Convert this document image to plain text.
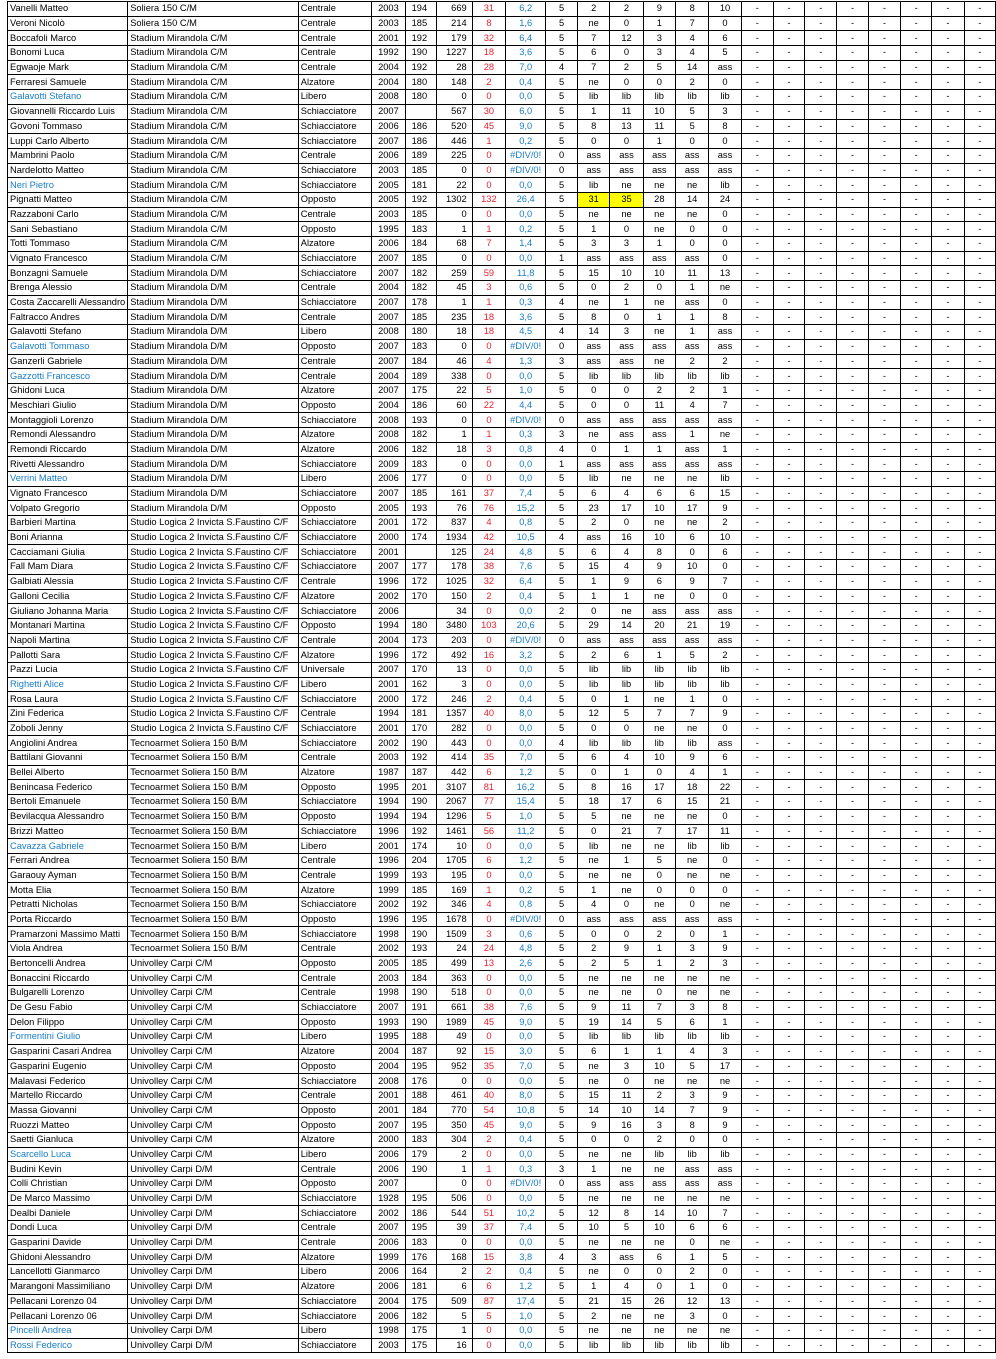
Vanelli Matteo	Soliera 150 C/M	Centrale	2003	194	669	31	6,2	5	2	2	9	8	10	-	-	-	-	-	-	-	-
Veroni Nicolò	Soliera 150 C/M	Centrale	2003	185	214	8	1,6	5	ne	0	1	7	0	-	-	-	-	-	-	-	-
Boccafoli Marco	Stadium Mirandola C/M	Centrale	2001	192	179	32	6,4	5	7	12	3	4	6	-	-	-	-	-	-	-	-
Bonomi Luca	Stadium Mirandola C/M	Centrale	1992	190	1227	18	3,6	5	6	0	3	4	5	-	-	-	-	-	-	-	-
Egwaoje Mark	Stadium Mirandola C/M	Centrale	2004	192	28	28	7,0	4	7	2	5	14	ass	-	-	-	-	-	-	-	-
Ferraresi Samuele	Stadium Mirandola C/M	Alzatore	2004	180	148	2	0,4	5	ne	0	0	2	0	-	-	-	-	-	-	-	-
Galavotti Stefano	Stadium Mirandola C/M	Libero	2008	180	0	0	0,0	5	lib	lib	lib	lib	lib	-	-	-	-	-	-	-	-
Giovannelli Riccardo Luis	Stadium Mirandola C/M	Schiacciatore	2007		567	30	6,0	5	1	11	10	5	3	-	-	-	-	-	-	-	-
Govoni Tommaso	Stadium Mirandola C/M	Schiacciatore	2006	186	520	45	9,0	5	8	13	11	5	8	-	-	-	-	-	-	-	-
Luppi Carlo Alberto	Stadium Mirandola C/M	Schiacciatore	2007	186	446	1	0,2	5	0	0	1	0	0	-	-	-	-	-	-	-	-
Mambrini Paolo	Stadium Mirandola C/M	Centrale	2006	189	225	0	#DIV/0!	0	ass	ass	ass	ass	ass	-	-	-	-	-	-	-	-
Nardelotto Matteo	Stadium Mirandola C/M	Schiacciatore	2003	185	0	0	#DIV/0!	0	ass	ass	ass	ass	ass	-	-	-	-	-	-	-	-
Neri Pietro	Stadium Mirandola C/M	Schiacciatore	2005	181	22	0	0,0	5	lib	ne	ne	ne	lib	-	-	-	-	-	-	-	-
Pignatti Matteo	Stadium Mirandola C/M	Opposto	2005	192	1302	132	26,4	5	31	35	28	14	24	-	-	-	-	-	-	-	-
Razzaboni Carlo	Stadium Mirandola C/M	Centrale	2003	185	0	0	0,0	5	ne	ne	ne	ne	0	-	-	-	-	-	-	-	-
Sani Sebastiano	Stadium Mirandola C/M	Opposto	1995	183	1	1	0,2	5	1	0	ne	0	0	-	-	-	-	-	-	-	-
Totti Tommaso	Stadium Mirandola C/M	Alzatore	2006	184	68	7	1,4	5	3	3	1	0	0	-	-	-	-	-	-	-	-
Vignato Francesco	Stadium Mirandola C/M	Schiacciatore	2007	185	0	0	0,0	1	ass	ass	ass	ass	0	-	-	-	-	-	-	-	-
Bonzagni Samuele	Stadium Mirandola D/M	Schiacciatore	2007	182	259	59	11,8	5	15	10	10	11	13	-	-	-	-	-	-	-	-
Brenga Alessio	Stadium Mirandola D/M	Centrale	2004	182	45	3	0,6	5	0	2	0	1	ne	-	-	-	-	-	-	-	-
Costa Zaccarelli Alessandro	Stadium Mirandola D/M	Schiacciatore	2007	178	1	1	0,3	4	ne	1	ne	ass	0	-	-	-	-	-	-	-	-
Faltracco Andres	Stadium Mirandola D/M	Centrale	2007	185	235	18	3,6	5	8	0	1	1	8	-	-	-	-	-	-	-	-
Galavotti Stefano	Stadium Mirandola D/M	Libero	2008	180	18	18	4,5	4	14	3	ne	1	ass	-	-	-	-	-	-	-	-
Galavotti Tommaso	Stadium Mirandola D/M	Opposto	2007	183	0	0	#DIV/0!	0	ass	ass	ass	ass	ass	-	-	-	-	-	-	-	-
Ganzerli Gabriele	Stadium Mirandola D/M	Centrale	2007	184	46	4	1,3	3	ass	ass	ne	2	2	-	-	-	-	-	-	-	-
Gazzotti Francesco	Stadium Mirandola D/M	Centrale	2004	189	338	0	0,0	5	lib	lib	lib	lib	lib	-	-	-	-	-	-	-	-
Ghidoni Luca	Stadium Mirandola D/M	Alzatore	2007	175	22	5	1,0	5	0	0	2	2	1	-	-	-	-	-	-	-	-
Meschiari Giulio	Stadium Mirandola D/M	Opposto	2004	186	60	22	4,4	5	0	0	11	4	7	-	-	-	-	-	-	-	-
Montaggioli Lorenzo	Stadium Mirandola D/M	Schiacciatore	2008	193	0	0	#DIV/0!	0	ass	ass	ass	ass	ass	-	-	-	-	-	-	-	-
Remondi Alessandro	Stadium Mirandola D/M	Alzatore	2008	182	1	1	0,3	3	ne	ass	ass	1	ne	-	-	-	-	-	-	-	-
Remondi Riccardo	Stadium Mirandola D/M	Alzatore	2006	182	18	3	0,8	4	0	1	1	ass	1	-	-	-	-	-	-	-	-
Rivetti Alessandro	Stadium Mirandola D/M	Schiacciatore	2009	183	0	0	0,0	1	ass	ass	ass	ass	ass	-	-	-	-	-	-	-	-
Verrini Matteo	Stadium Mirandola D/M	Libero	2006	177	0	0	0,0	5	lib	ne	ne	ne	lib	-	-	-	-	-	-	-	-
Vignato Francesco	Stadium Mirandola D/M	Schiacciatore	2007	185	161	37	7,4	5	6	4	6	6	15	-	-	-	-	-	-	-	-
Volpato Gregorio	Stadium Mirandola D/M	Opposto	2005	193	76	76	15,2	5	23	17	10	17	9	-	-	-	-	-	-	-	-
Barbieri Martina	Studio Logica 2 Invicta S.Faustino C/F	Schiacciatore	2001	172	837	4	0,8	5	2	0	ne	ne	2	-	-	-	-	-	-	-	-
Boni Arianna	Studio Logica 2 Invicta S.Faustino C/F	Schiacciatore	2000	174	1934	42	10,5	4	ass	16	10	6	10	-	-	-	-	-	-	-	-
Cacciamani Giulia	Studio Logica 2 Invicta S.Faustino C/F	Schiacciatore	2001		125	24	4,8	5	6	4	8	0	6	-	-	-	-	-	-	-	-
Fall Mam Diara	Studio Logica 2 Invicta S.Faustino C/F	Schiacciatore	2007	177	178	38	7,6	5	15	4	9	10	0	-	-	-	-	-	-	-	-
Galbiati Alessia	Studio Logica 2 Invicta S.Faustino C/F	Centrale	1996	172	1025	32	6,4	5	1	9	6	9	7	-	-	-	-	-	-	-	-
Galloni Cecilia	Studio Logica 2 Invicta S.Faustino C/F	Alzatore	2002	170	150	2	0,4	5	1	1	ne	0	0	-	-	-	-	-	-	-	-
Giuliano Johanna Maria	Studio Logica 2 Invicta S.Faustino C/F	Schiacciatore	2006		34	0	0,0	2	0	ne	ass	ass	ass	-	-	-	-	-	-	-	-
Montanari Martina	Studio Logica 2 Invicta S.Faustino C/F	Opposto	1994	180	3480	103	20,6	5	29	14	20	21	19	-	-	-	-	-	-	-	-
Napoli Martina	Studio Logica 2 Invicta S.Faustino C/F	Centrale	2004	173	203	0	#DIV/0!	0	ass	ass	ass	ass	ass	-	-	-	-	-	-	-	-
Pallotti Sara	Studio Logica 2 Invicta S.Faustino C/F	Alzatore	1996	172	492	16	3,2	5	2	6	1	5	2	-	-	-	-	-	-	-	-
Pazzi Lucia	Studio Logica 2 Invicta S.Faustino C/F	Universale	2007	170	13	0	0,0	5	lib	lib	lib	lib	lib	-	-	-	-	-	-	-	-
Righetti Alice	Studio Logica 2 Invicta S.Faustino C/F	Libero	2001	162	3	0	0,0	5	lib	lib	lib	lib	lib	-	-	-	-	-	-	-	-
Rosa Laura	Studio Logica 2 Invicta S.Faustino C/F	Schiacciatore	2000	172	246	2	0,4	5	0	1	ne	1	0	-	-	-	-	-	-	-	-
Zini Federica	Studio Logica 2 Invicta S.Faustino C/F	Centrale	1994	181	1357	40	8,0	5	12	5	7	7	9	-	-	-	-	-	-	-	-
Zoboli Jenny	Studio Logica 2 Invicta S.Faustino C/F	Schiacciatore	2001	170	282	0	0,0	5	0	0	ne	ne	0	-	-	-	-	-	-	-	-
Angiolini Andrea	Tecnoarmet Soliera 150 B/M	Schiacciatore	2002	190	443	0	0,0	4	lib	lib	lib	lib	ass	-	-	-	-	-	-	-	-
Battilani Giovanni	Tecnoarmet Soliera 150 B/M	Centrale	2003	192	414	35	7,0	5	6	4	10	9	6	-	-	-	-	-	-	-	-
Bellei Alberto	Tecnoarmet Soliera 150 B/M	Alzatore	1987	187	442	6	1,2	5	0	1	0	4	1	-	-	-	-	-	-	-	-
Benincasa Federico	Tecnoarmet Soliera 150 B/M	Opposto	1995	201	3107	81	16,2	5	8	16	17	18	22	-	-	-	-	-	-	-	-
Bertoli Emanuele	Tecnoarmet Soliera 150 B/M	Schiacciatore	1994	190	2067	77	15,4	5	18	17	6	15	21	-	-	-	-	-	-	-	-
Bevilacqua Alessandro	Tecnoarmet Soliera 150 B/M	Opposto	1994	194	1296	5	1,0	5	5	ne	ne	ne	0	-	-	-	-	-	-	-	-
Brizzi Matteo	Tecnoarmet Soliera 150 B/M	Schiacciatore	1996	192	1461	56	11,2	5	0	21	7	17	11	-	-	-	-	-	-	-	-
Cavazza Gabriele	Tecnoarmet Soliera 150 B/M	Libero	2001	174	10	0	0,0	5	lib	ne	ne	lib	lib	-	-	-	-	-	-	-	-
Ferrari Andrea	Tecnoarmet Soliera 150 B/M	Centrale	1996	204	1705	6	1,2	5	ne	1	5	ne	0	-	-	-	-	-	-	-	-
Garaouy Ayman	Tecnoarmet Soliera 150 B/M	Centrale	1999	193	195	0	0,0	5	ne	ne	0	ne	ne	-	-	-	-	-	-	-	-
Motta Elia	Tecnoarmet Soliera 150 B/M	Alzatore	1999	185	169	1	0,2	5	1	ne	0	0	0	-	-	-	-	-	-	-	-
Petratti Nicholas	Tecnoarmet Soliera 150 B/M	Schiacciatore	2002	192	346	4	0,8	5	4	0	ne	0	ne	-	-	-	-	-	-	-	-
Porta Riccardo	Tecnoarmet Soliera 150 B/M	Opposto	1996	195	1678	0	#DIV/0!	0	ass	ass	ass	ass	ass	-	-	-	-	-	-	-	-
Pramarzoni Massimo Matti	Tecnoarmet Soliera 150 B/M	Schiacciatore	1998	190	1509	3	0,6	5	0	0	2	0	1	-	-	-	-	-	-	-	-
Viola Andrea	Tecnoarmet Soliera 150 B/M	Centrale	2002	193	24	24	4,8	5	2	9	1	3	9	-	-	-	-	-	-	-	-
Bertoncelli Andrea	Univolley Carpi C/M	Opposto	2005	185	499	13	2,6	5	2	5	1	2	3	-	-	-	-	-	-	-	-
Bonaccini Riccardo	Univolley Carpi C/M	Centrale	2003	184	363	0	0,0	5	ne	ne	ne	ne	ne	-	-	-	-	-	-	-	-
Bulgarelli Lorenzo	Univolley Carpi C/M	Centrale	1998	190	518	0	0,0	5	ne	ne	0	ne	ne	-	-	-	-	-	-	-	-
De Gesu Fabio	Univolley Carpi C/M	Schiacciatore	2007	191	661	38	7,6	5	9	11	7	3	8	-	-	-	-	-	-	-	-
Delon Filippo	Univolley Carpi C/M	Opposto	1993	190	1989	45	9,0	5	19	14	5	6	1	-	-	-	-	-	-	-	-
Formentini Giulio	Univolley Carpi C/M	Libero	1995	188	49	0	0,0	5	lib	lib	lib	lib	lib	-	-	-	-	-	-	-	-
Gasparini Casari Andrea	Univolley Carpi C/M	Alzatore	2004	187	92	15	3,0	5	6	1	1	4	3	-	-	-	-	-	-	-	-
Gasparini Eugenio	Univolley Carpi C/M	Opposto	2004	195	952	35	7,0	5	ne	3	10	5	17	-	-	-	-	-	-	-	-
Malavasi Federico	Univolley Carpi C/M	Schiacciatore	2008	176	0	0	0,0	5	ne	0	ne	ne	ne	-	-	-	-	-	-	-	-
Martello Riccardo	Univolley Carpi C/M	Centrale	2001	188	461	40	8,0	5	15	11	2	3	9	-	-	-	-	-	-	-	-
Massa Giovanni	Univolley Carpi C/M	Opposto	2001	184	770	54	10,8	5	14	10	14	7	9	-	-	-	-	-	-	-	-
Ruozzi Matteo	Univolley Carpi C/M	Opposto	2007	195	350	45	9,0	5	9	16	3	8	9	-	-	-	-	-	-	-	-
Saetti Gianluca	Univolley Carpi C/M	Alzatore	2000	183	304	2	0,4	5	0	0	2	0	0	-	-	-	-	-	-	-	-
Scarcello Luca	Univolley Carpi C/M	Libero	2006	179	2	0	0,0	5	ne	ne	lib	lib	lib	-	-	-	-	-	-	-	-
Budini Kevin	Univolley Carpi D/M	Centrale	2006	190	1	1	0,3	3	1	ne	ne	ass	ass	-	-	-	-	-	-	-	-
Colli Christian	Univolley Carpi D/M	Opposto	2007		0	0	#DIV/0!	0	ass	ass	ass	ass	ass	-	-	-	-	-	-	-	-
De Marco Massimo	Univolley Carpi D/M	Schiacciatore	1928	195	506	0	0,0	5	ne	ne	ne	ne	ne	-	-	-	-	-	-	-	-
Dealbi Daniele	Univolley Carpi D/M	Schiacciatore	2002	186	544	51	10,2	5	12	8	14	10	7	-	-	-	-	-	-	-	-
Dondi Luca	Univolley Carpi D/M	Centrale	2007	195	39	37	7,4	5	10	5	10	6	6	-	-	-	-	-	-	-	-
Gasparini Davide	Univolley Carpi D/M	Centrale	2006	183	0	0	0,0	5	ne	ne	ne	0	ne	-	-	-	-	-	-	-	-
Ghidoni Alessandro	Univolley Carpi D/M	Alzatore	1999	176	168	15	3,8	4	3	ass	6	1	5	-	-	-	-	-	-	-	-
Lancellotti Gianmarco	Univolley Carpi D/M	Libero	2006	164	2	2	0,4	5	ne	0	0	2	0	-	-	-	-	-	-	-	-
Marangoni Massimiliano	Univolley Carpi D/M	Alzatore	2006	181	6	6	1,2	5	1	4	0	1	0	-	-	-	-	-	-	-	-
Pellacani Lorenzo 04	Univolley Carpi D/M	Schiacciatore	2004	175	509	87	17,4	5	21	15	26	12	13	-	-	-	-	-	-	-	-
Pellacani Lorenzo 06	Univolley Carpi D/M	Schiacciatore	2006	182	5	5	1,0	5	2	ne	ne	3	0	-	-	-	-	-	-	-	-
Pincelli Andrea	Univolley Carpi D/M	Libero	1998	175	1	0	0,0	5	ne	ne	ne	ne	ne	-	-	-	-	-	-	-	-
Rossi Federico	Univolley Carpi D/M	Schiacciatore	2003	175	16	0	0,0	5	lib	lib	lib	lib	lib	-	-	-	-	-	-	-	-
